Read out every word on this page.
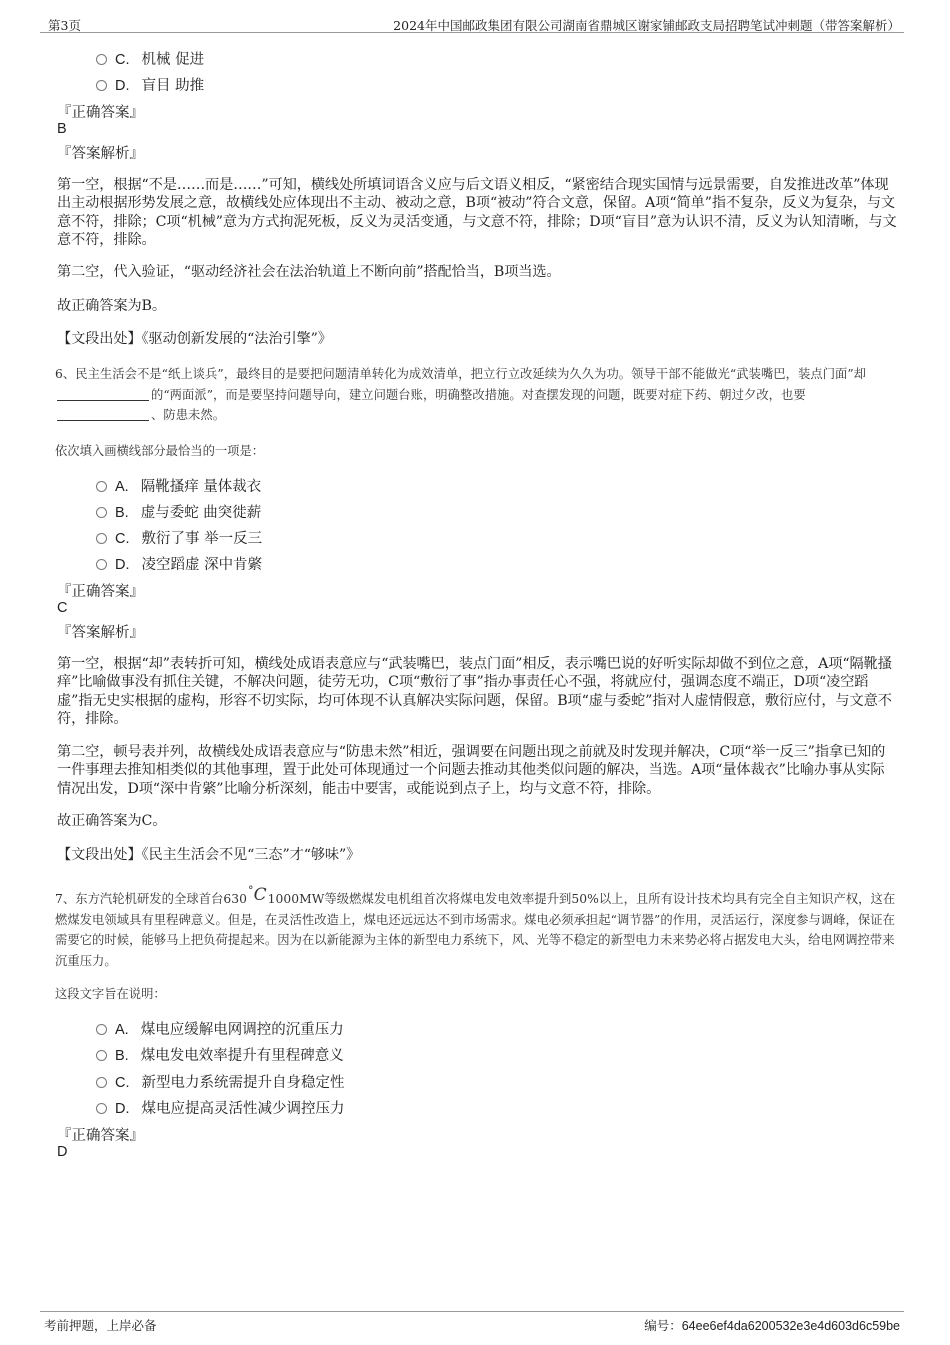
第3页	2024年中国邮政集团有限公司湖南省鼎城区谢家铺邮政支局招聘笔试冲刺题（带答案解析）
C. 机械 促进
D. 盲目 助推
『正确答案』
B
『答案解析』
第一空，根据“不是……而是……”可知，横线处所填词语含义应与后文语义相反，“紧密结合现实国情与远景需要，自发推进改革”体现出主动根据形势发展之意，故横线处应体现出不主动、被动之意，B项“被动”符合文意，保留。A项“简单”指不复杂，反义为复杂，与文意不符，排除；C项“机械”意为方式拘泥死板，反义为灵活变通，与文意不符，排除；D项“盲目”意为认识不清，反义为认知清晰，与文意不符，排除。
第二空，代入验证，“驱动经济社会在法治轨道上不断向前”搭配恰当，B项当选。
故正确答案为B。
【文段出处】《驱动创新发展的“法治引擎”》
6、民主生活会不是“纸上谈兵”，最终目的是要把问题清单转化为成效清单，把立行立改延续为久久为功。领导干部不能做光“武装嘴巴，装点门面”却的“两面派”，而是要坚持问题导向，建立问题台账，明确整改措施。对查摆发现的问题，既要对症下药、朝过夕改，也要、防患未然。
依次填入画横线部分最恰当的一项是：
A. 隔靴搔痒 量体裁衣
B. 虚与委蛇 曲突徙薪
C. 敷衍了事 举一反三
D. 凌空蹈虚 深中肯綮
『正确答案』
C
『答案解析』
第一空，根据“却”表转折可知，横线处成语表意应与“武装嘴巴，装点门面”相反，表示嘴巴说的好听实际却做不到位之意，A项“隔靴搔痒”比喻做事没有抓住关键，不解决问题，徒劳无功，C项“敷衍了事”指办事责任心不强，将就应付，强调态度不端正，D项“凌空蹈虚”指无史实根据的虚构，形容不切实际，均可体现不认真解决实际问题，保留。B项“虚与委蛇”指对人虚情假意，敷衍应付，与文意不符，排除。
第二空，顿号表并列，故横线处成语表意应与“防患未然”相近，强调要在问题出现之前就及时发现并解决，C项“举一反三”指拿已知的一件事理去推知相类似的其他事理，置于此处可体现通过一个问题去推动其他类似问题的解决，当选。A项“量体裁衣”比喻办事从实际情况出发，D项“深中肯綮”比喻分析深刻，能击中要害，或能说到点子上，均与文意不符，排除。
故正确答案为C。
【文段出处】《民主生活会不见“三态”才“够味”》
7、东方汽轮机研发的全球首台630°C1000MW等级燃煤发电机组首次将煤电发电效率提升到50%以上，且所有设计技术均具有完全自主知识产权，这在燃煤发电领域具有里程碑意义。但是，在灵活性改造上，煤电还远远达不到市场需求。煤电必须承担起“调节器”的作用，灵活运行，深度参与调峰，保证在需要它的时候，能够马上把负荷提起来。因为在以新能源为主体的新型电力系统下，风、光等不稳定的新型电力未来势必将占据发电大头，给电网调控带来沉重压力。
这段文字旨在说明：
A. 煤电应缓解电网调控的沉重压力
B. 煤电发电效率提升有里程碑意义
C. 新型电力系统需提升自身稳定性
D. 煤电应提高灵活性减少调控压力
『正确答案』
D
考前押题，上岸必备	编号：64ee6ef4da6200532e3e4d603d6c59be
